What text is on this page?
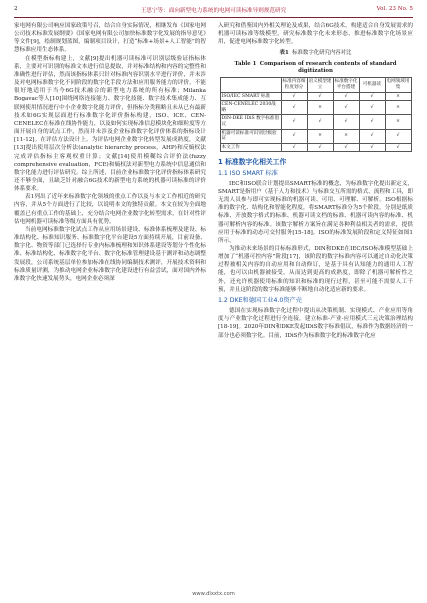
2	王思宁等：面向新型电力系统的电网可读标准导则规范研究	Vol. 23 No. 5

家电网有限公司响应国家政策号召，结合自身实际情况，相继发布《国家电网公司技术标准发展纲要》《国家电网有限公司加快标准数字化发展的指导意见》等文件[9]，绘制规划蓝图，编制项目设计，打造“标准+场景+人工智能”的智慧标准应用生态体系。

在模型指标构建上，文献[9]提出机器可读标准可识别层级验证指标体系，主要对可识别的标准文本进行信息提取，并对标准结构和内容的完整性和准确性进行评估，然而该指标体系只针对标准内容识别水平进行评价，并未涉及对电网标准数字化不同阶段的数字化手段方法和应用服务能力的评价，不能很好地适用于当今6G技术融合的新型电力系统的所有标准；Milanka Bogavac等人[10]围绕网络连接能力、数字化技能、数字技术集成能力、互联网使用情况进行中小企业数字化能力评价，但指标分类粗略且未从已有最新技术如6G实现层面进行标准数字化评价指标构建，ISO、ICE、CEN-CENELEC在标准在线协作能力，以及如何实现标准信息模块化和细粒度等方面开展自身的试点工作，然而并未涉及企业标准数字化评价体系的指标设计[11-12]。在评估方法设计上，为评估电网企业数字化转型发展成熟度，文献[13]提出使用层次分析法(analytic hierarchy process，AHP)和反熵权法完成评估指标主客观权重计算；文献[14]使用模糊综合评价法(fuzzy comprehensive evaluation，FCE)和熵权法对新型电力系统中信息通信和数字化能力进行评估研究。综上所述，目前企业标准数字化评价指标体系研究还不够全面，且缺乏针对融合6G技术的新型电力系统的机器可读标准的评价体系要求。

表1列出了近年来标准数字化领域的重点工作以及与本文工作相近的研究内容，并从5个方面进行了比较，以说明本文的独特贡献。本文在较为全面地覆盖已有重点工作的基础上，充分结合电网企业数字化转型需求，在针对性评估电网机器可读标准等级方面具有优势。

当前电网标准数字化试点工作从应用场景建设、标准体系梳理及建设、标准结构化、标准知识服务、标准数字化平台建设5方面持续开展，目前设备、数字化、物资等部门已选择行专业内标准梳理和知识体系建设等划分个性化标准、标准结构化、标准数字化平台、数字化标准管理建设基于测评和动态调整发展段，公司系统基层单位参加标准在线协同编制技术测评，开展技术资料和标准质量评测，为推动电网企业标准数字化建设进行有益尝试，面对国内外标准数字化快速发展势头，电网企业必须深

入研究和借鉴国内外相关理论及成果，结合6G技术，构建适合自身发展需求的机器可读标准等级模型，研究标准数字化未来形态，推进标准数字化场景应用，促进电网标准数字化转型。

表1 标准数字化研究内容对比
Table 1 Comparison of research contents of standard digitization
	标准内容细粒度划分	语义模型建立	标准数字化平台搭建	可机器读	电网领域用集
ISO/IEC SMART 标准	√	√	√	√	×
CEN-CENELEC 2030战略	√	×	√	√	×
DIN-DKE IDiS 数字标准倡议	√	√	√	√	×
机器可读标准可识别层级验证	√	×	×	√	√
本文工作	√	√	√	√	√
1 标准数字化相关工作
1.1 ISO SMART 标准

IEC和ISO联合计划提出SMART标准的概念，为标准数字化提出新定义，SMART是指用户（基于人力和技术）与标准交互所需的格式、流程和工具，即无需人员参与即可实现标准的机器可读、可用、可理解、可解析。ISO根据标准的数字化、结构化和智能化程度，将SMART标准分为5个阶段，分别是纸质标准、开放数字格式的标准、机器可读文档的标准、机器可读内容的标准、机器可解析内容的标准。该数字解析方案旨在满足各种利益相关者的需求，提供应用于标准的动态可交付服务[15-18]。ISO的标准发展阶段和定义特征如图1所示。

为推动未来场景的目标标准形式，DIN和DKE在IEC/ISO标准模型基础上增加了“机器可控内容”阶段[17]，该阶段的数字标准内容可以通过自动化决策过程被相关内容的自动应用和自动修订，是基于具有认知能力的通用人工智能，也可以由机器被接受，从而达到更高的成熟度，即除了机器可解析性之外，还允许机器使用标准的知识和标准的现行过程，甚至可能不需要人工干预，并且这阶段的数字标准能够不断地自动化适应新的要求。

1.2 DKE和德国工业4.0资产壳

德国在实现标准数字化过程中提出从决策机制、实现模式、产业应用等角度与产业数字化过程进行全连接，建立标准-产业-应用模式三元决策治理结构[18-19]。2020年DIN和DKE发起IDiS数字标准倡议，标准作为数据经济的一部分也必须数字化。目前，IDiS作为标准数字化的标准数字化应

www.dlxxtx.com
